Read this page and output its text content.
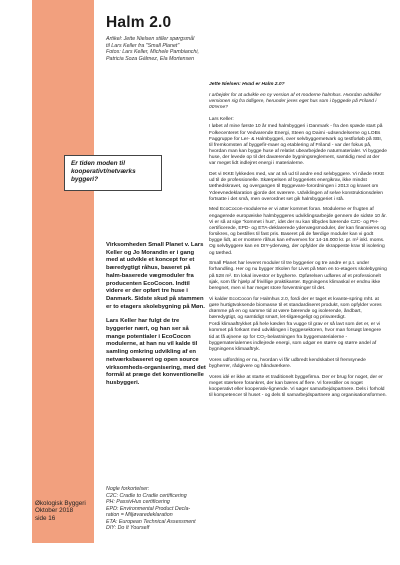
Halm 2.0
Artikel: Jette Nielsen stiller spørgsmål
til Lars Keller fra "Small Planet"
Fotos: Lars Keller, Michele Pambianchi,
Patricia Soza Gálmez, Ela Mortensen
Er tiden moden til kooperativt/netværks byggeri?

Virksomheden Small Planet v. Lars Keller og Jo Morandin er i gang med at udvikle et koncept for et bæredygtigt råhus, baseret på halm-baserede vægmoduler fra producenten EcoCocon. Indtil videre er der opført tre huse i Danmark. Sidste skud på stammen er to etagers skolebygning på Møn.

Lars Keller har fulgt de tre byggerier nært, og han ser så mange potentialer i EcoCocon modulerne, at han nu vil kalde til samling omkring udvikling af en netværksbaseret og open source virksomheds-organisering, med det formål at præge det konventionelle husbyggeri.

Nogle forkortelser:
C2C: Cradle to Cradle certificering
PH: PassivHus certificering
EPD: Environmental Product Decla-
ration = Miljøvaredeklaration
ETA: European Technical Assessment
DIY: Do It Yourself
Økologisk Byggeri
Oktober 2018
side 16

Jette Nielsen: Hvad er Halm 2.0?

I arbejder for at udvikle en ny version af et moderne halmhus. Hvordan adskiller versionen sig fra tidligere, herunder jeres eget hus som i byggede på Friland i 00'erne?

Lars Keller:

I løbet af mine første 10 år med halmbyggeri i Danmark - fra den spæde start på Folkecenteret for Vedvarende Energi, Steen og Daimi -udsendelserne og LOBs Faggruppe for Ler- & Halmbyggeri, over selvbyggemetvark og testforløb på SBI, til fremkomsten af byggefir-maer og etablering af Friland - var der fokus på, hvordan man kan bygge huse af relativt ubearbejdede naturmaterialer. Vi byggede huse, der levede op til det daværende bygningsreglement, samtidig med at der var meget lidt indlejret energi i materialerne.

Det vi IKKE lykkedes med, var at nå ud til andre end selvbyggere. Vi nåede IKKE ud til de professionelle. Skærpelsen af byggeriets energikrav, ikke mindst tæthedskravet, og overgangen til Byggevare-forordningen i 2013 og kravet om Ydeevnedeklaration gjorde det sværere. Udviklingen af selve konstruktionsdelen fortsatte i det små, men overordnet set gik halmbyggeriet i stå.

Med EcoCocon-modulerne er vi atter kommet foran. Modulerne er frugten af engagerede europæiske halmbyggeres udviklingsarbejde gennem de sidste 10 år. Vi er så at sige "kommet i hus", idet der nu kan tilbydes bærende C2C- og PH-certificerede, EPD- og ETA-deklarerede ydervægsmoduler, der kan finansieres og forsikres, og bestilles til fast pris. Baseret på de færdige moduler kan vi godt bygge lidt, at er montere råhus kan erhverves for 14-16.000 kr. pr. m² inkl. moms. Og selvbyggere kan en DIY-ydervæg, der opfylder de skrappeste krav til isolering og tæthed.

Small Planet har leveret moduler til tre byggerier og tre andre er p.t. under forhandling. Her og nu bygger Skolen for Livet på Møn en to-etagers skolebygning på 528 m². En lokal investor er bygherre. Opførelsen udføres af et professionelt sjak, som får hjælp af frivillige praktikanter. Bygningens klimaskal er endnu ikke beregnet, men vi har meget store forventninger til det.

Vi kalder EcoCocon for Halmhus 2.0, fordi der er taget et kvante-spring mht. at gøre hurtigtvoksende biomasse til et standardiseret produkt, som opfylder vores drømme på en og samme tid at være bærende og isolerende, åndbart, bæredygtigt, og samtidigt smart, let-tilgængeligt og prisværdigt.

Fordi klimaaftrykket på hele kæden fra vugge til grav er så lavt som det er, er vi kommet på forkant med udviklingen i byggesektoren, hvor man forsøgt længere tid at få øjnene op for CO₂-belastningen fra byggematerialerne - byggematerialernes indlejrede energi, som udgør en større og større andel af bygningens klimaaftryk.

Vores udfordring er nu, hvordan vi får udbredt kendskabet til fremsynede bygherrer, rådgivere og håndværkere.

Vores idé er ikke at starte et traditionelt byggefirma. Der er brug for noget, der er meget stærkere forankret, der kan bæres af flere. Vi forestiller os noget kooperativt eller kooperativ-lignende. Vi søger samarbejdspartnere. Dels i forhold til kompetencer til huset - og dels til samarbejdspartnere ang organisationsformen.
